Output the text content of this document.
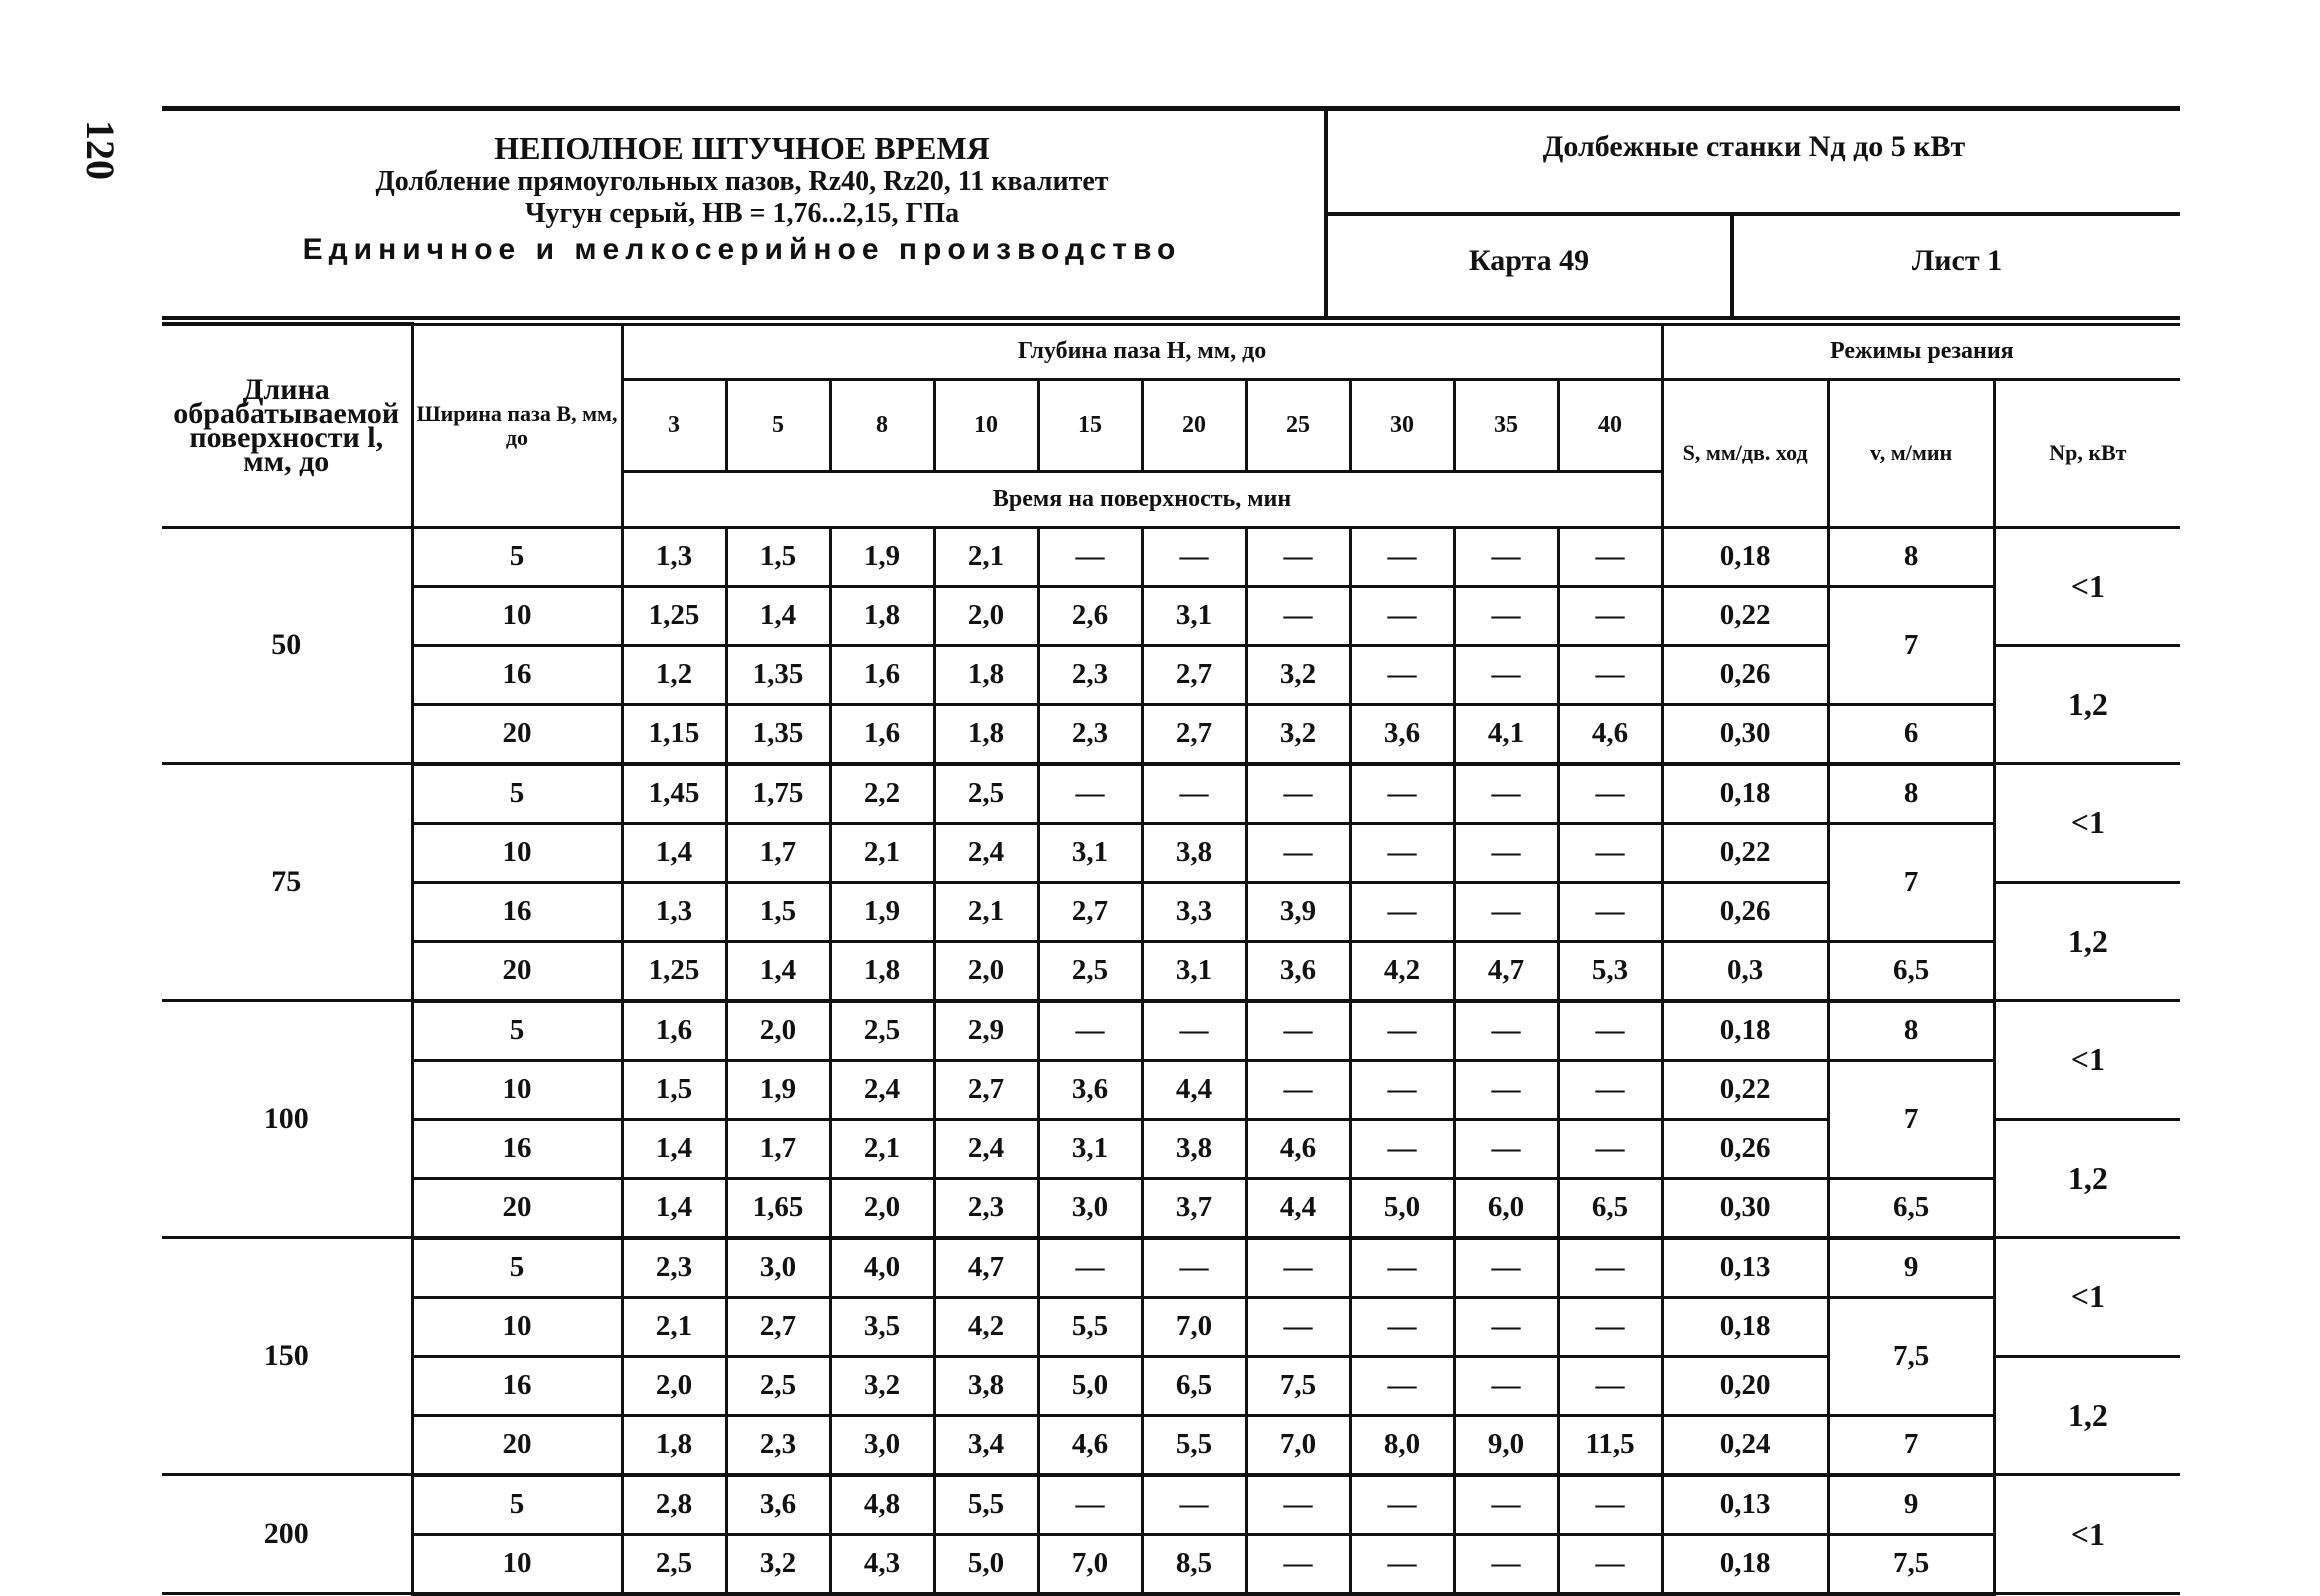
120	НЕПОЛНОЕ ШТУЧНОЕ ВРЕМЯ
Долбление прямоугольных пазов, Rz40, Rz20, 11 квалитет
Чугун серый, НВ = 1,76...2,15, ГПа
Единичное и мелкосерийное производство
Долбежные станки Nд до 5 кВт
Карта 49	Лист 1
Длина обрабатываемой поверхности l, мм, до	Ширина паза B, мм, до	Глубина паза H, мм, до										Режимы резания		
		3	5	8	10	15	20	25	30	35	40	S, мм/дв. ход	v, м/мин	Np, кВт
		Время на поверхность, мин												
50	5	1,3	1,5	1,9	2,1	—	—	—	—	—	—	0,18	8	<1
	10	1,25	1,4	1,8	2,0	2,6	3,1	—	—	—	—	0,22	7	
	16	1,2	1,35	1,6	1,8	2,3	2,7	3,2	—	—	—	0,26		1,2
	20	1,15	1,35	1,6	1,8	2,3	2,7	3,2	3,6	4,1	4,6	0,30	6	
75	5	1,45	1,75	2,2	2,5	—	—	—	—	—	—	0,18	8	<1
	10	1,4	1,7	2,1	2,4	3,1	3,8	—	—	—	—	0,22	7	
	16	1,3	1,5	1,9	2,1	2,7	3,3	3,9	—	—	—	0,26		1,2
	20	1,25	1,4	1,8	2,0	2,5	3,1	3,6	4,2	4,7	5,3	0,3	6,5	
100	5	1,6	2,0	2,5	2,9	—	—	—	—	—	—	0,18	8	<1
	10	1,5	1,9	2,4	2,7	3,6	4,4	—	—	—	—	0,22	7	
	16	1,4	1,7	2,1	2,4	3,1	3,8	4,6	—	—	—	0,26		1,2
	20	1,4	1,65	2,0	2,3	3,0	3,7	4,4	5,0	6,0	6,5	0,30	6,5	
150	5	2,3	3,0	4,0	4,7	—	—	—	—	—	—	0,13	9	<1
	10	2,1	2,7	3,5	4,2	5,5	7,0	—	—	—	—	0,18	7,5	
	16	2,0	2,5	3,2	3,8	5,0	6,5	7,5	—	—	—	0,20		1,2
	20	1,8	2,3	3,0	3,4	4,6	5,5	7,0	8,0	9,0	11,5	0,24	7	
200	5	2,8	3,6	4,8	5,5	—	—	—	—	—	—	0,13	9	<1
	10	2,5	3,2	4,3	5,0	7,0	8,5	—	—	—	—	0,18	7,5	
